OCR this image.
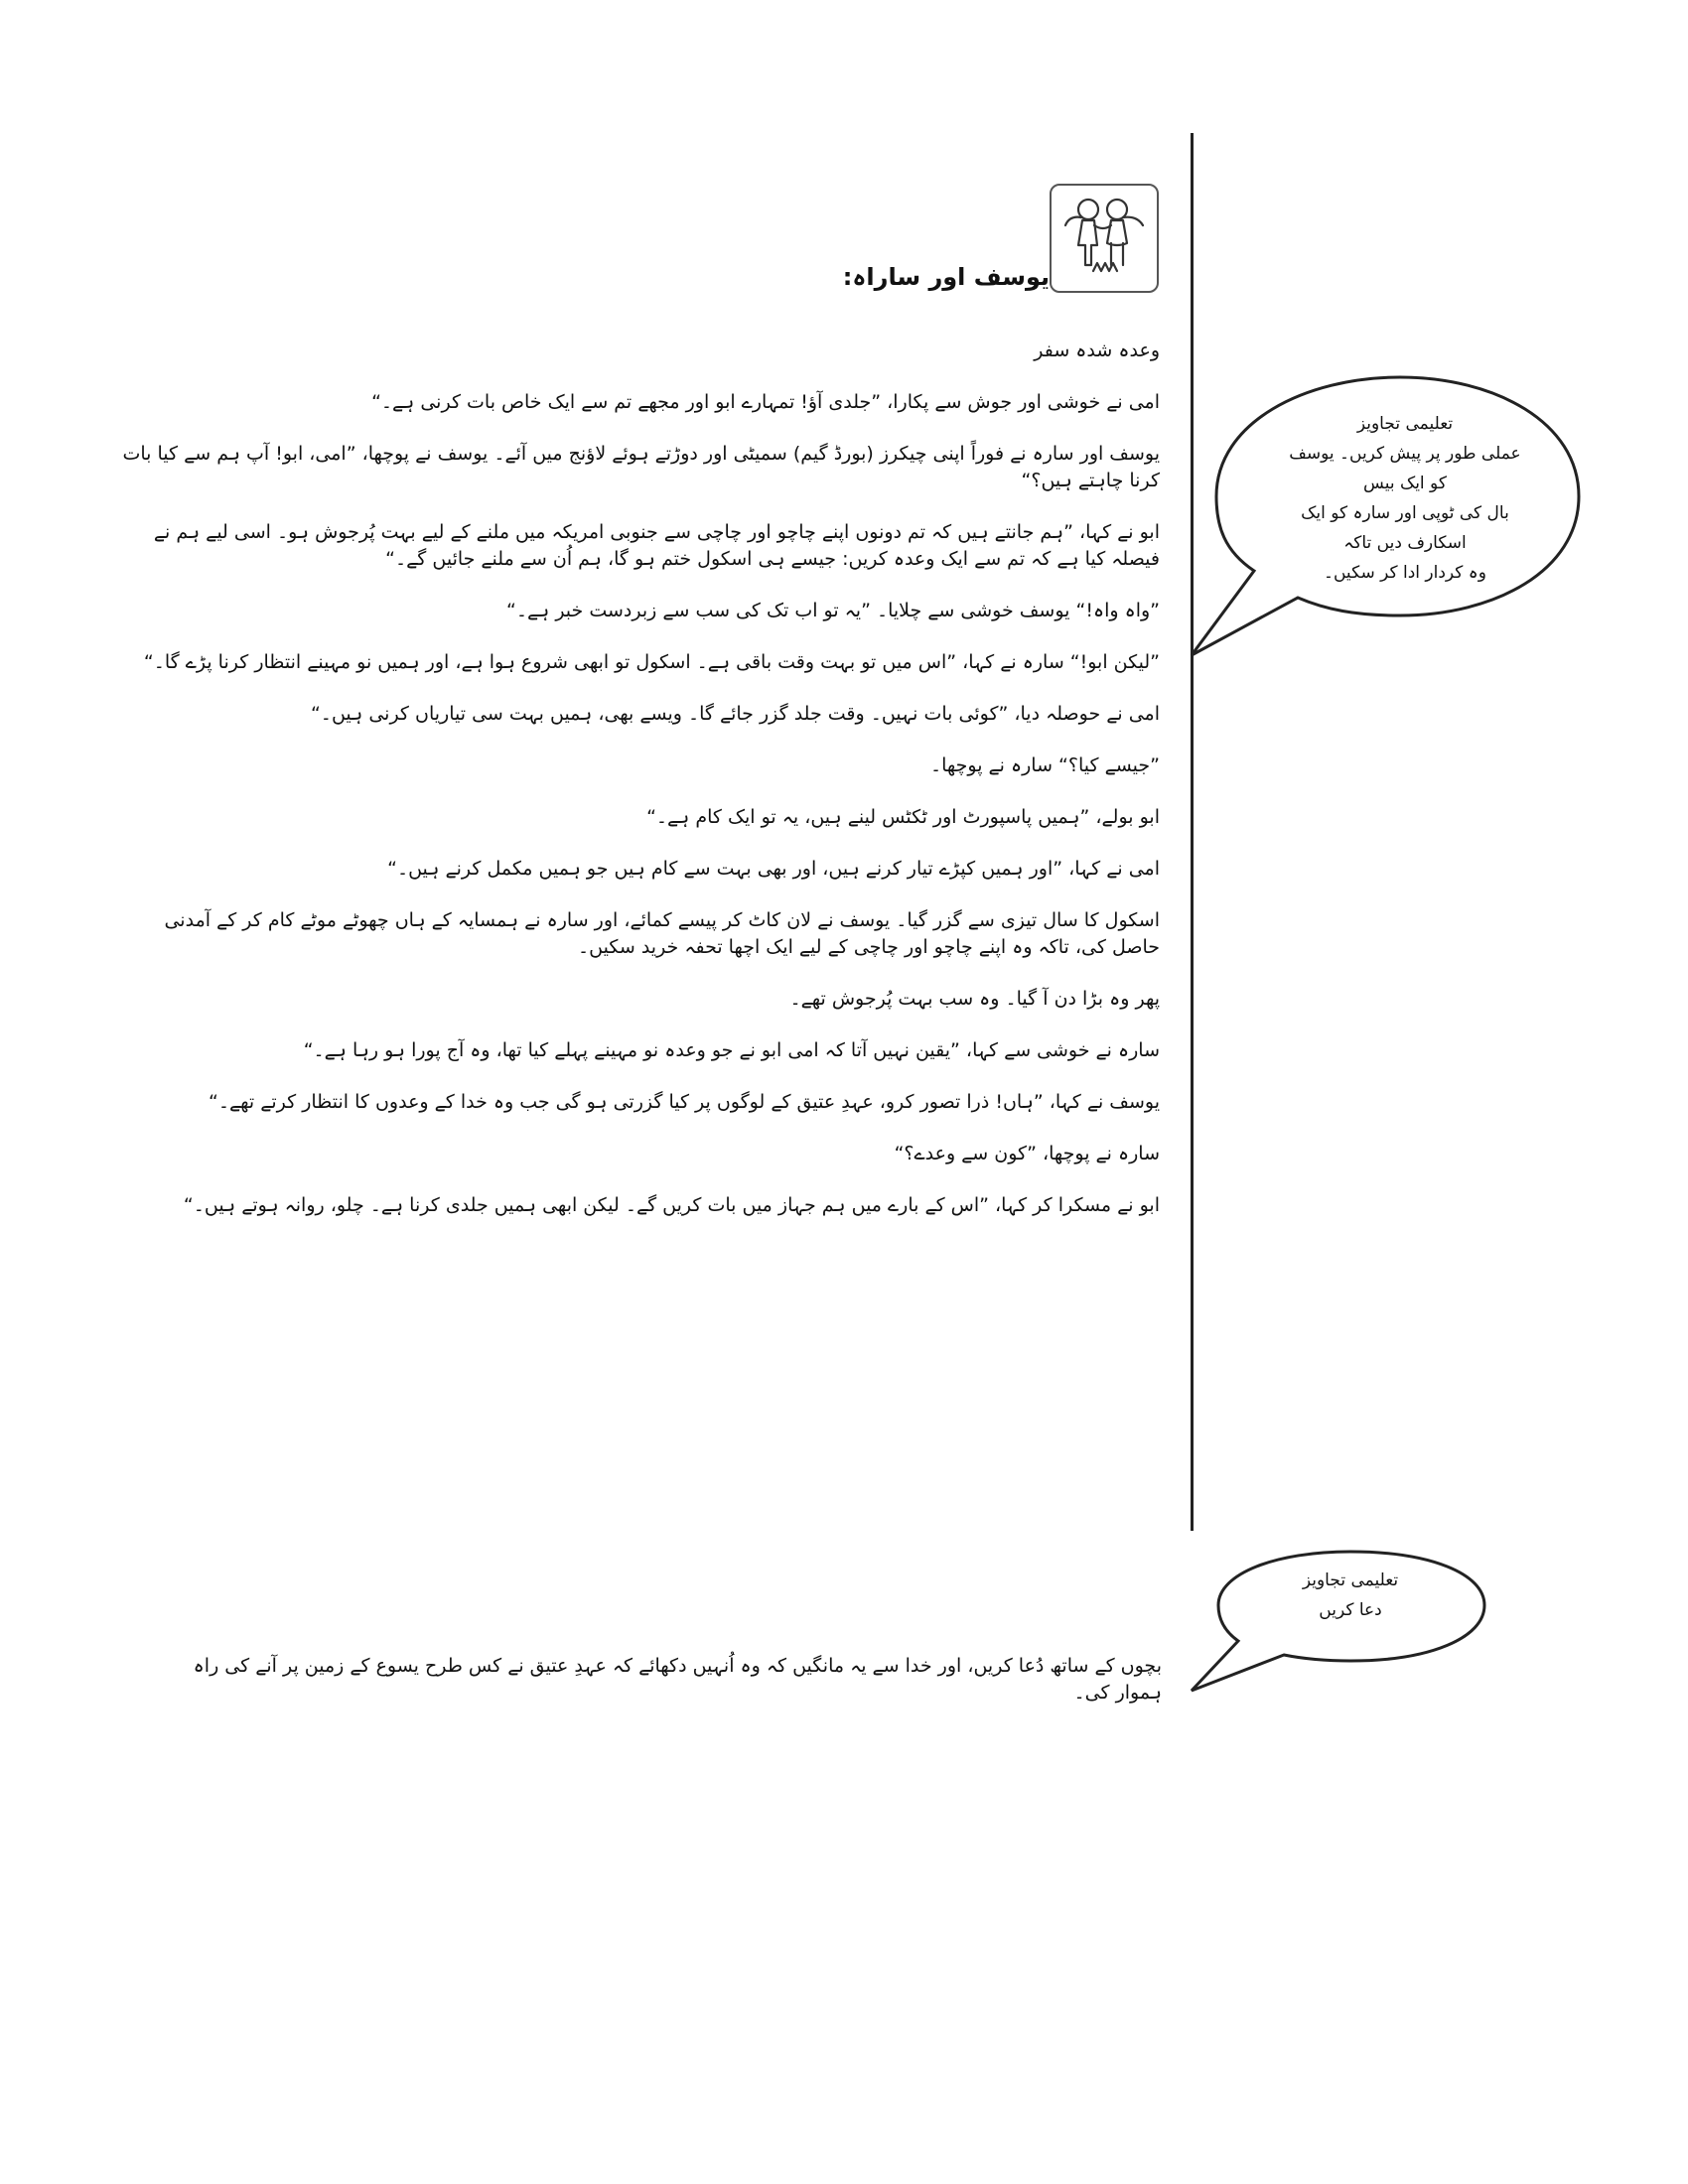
یوسف اور ساراہ:

وعدہ شدہ سفر

امی نے خوشی اور جوش سے پکارا، ”جلدی آؤ! تمہارے ابو اور مجھے تم سے ایک خاص بات کرنی ہے۔“

یوسف اور سارہ نے فوراً اپنی چیکرز (بورڈ گیم) سمیٹی اور دوڑتے ہوئے لاؤنج میں آئے۔ یوسف نے پوچھا، ”امی، ابو! آپ ہم سے کیا بات کرنا چاہتے ہیں؟“

ابو نے کہا، ”ہم جانتے ہیں کہ تم دونوں اپنے چاچو اور چاچی سے جنوبی امریکہ میں ملنے کے لیے بہت پُرجوش ہو۔ اسی لیے ہم نے فیصلہ کیا ہے کہ تم سے ایک وعدہ کریں: جیسے ہی اسکول ختم ہو گا، ہم اُن سے ملنے جائیں گے۔“

”واہ واہ!“ یوسف خوشی سے چلایا۔ ”یہ تو اب تک کی سب سے زبردست خبر ہے۔“

”لیکن ابو!“ سارہ نے کہا، ”اس میں تو بہت وقت باقی ہے۔ اسکول تو ابھی شروع ہوا ہے، اور ہمیں نو مہینے انتظار کرنا پڑے گا۔“

امی نے حوصلہ دیا، ”کوئی بات نہیں۔ وقت جلد گزر جائے گا۔ ویسے بھی، ہمیں بہت سی تیاریاں کرنی ہیں۔“

”جیسے کیا؟“ سارہ نے پوچھا۔

ابو بولے، ”ہمیں پاسپورٹ اور ٹکٹس لینے ہیں، یہ تو ایک کام ہے۔“

امی نے کہا، ”اور ہمیں کپڑے تیار کرنے ہیں، اور بھی بہت سے کام ہیں جو ہمیں مکمل کرنے ہیں۔“

اسکول کا سال تیزی سے گزر گیا۔ یوسف نے لان کاٹ کر پیسے کمائے، اور سارہ نے ہمسایہ کے ہاں چھوٹے موٹے کام کر کے آمدنی حاصل کی، تاکہ وہ اپنے چاچو اور چاچی کے لیے ایک اچھا تحفہ خرید سکیں۔

پھر وہ بڑا دن آ گیا۔ وہ سب بہت پُرجوش تھے۔

سارہ نے خوشی سے کہا، ”یقین نہیں آتا کہ امی ابو نے جو وعدہ نو مہینے پہلے کیا تھا، وہ آج پورا ہو رہا ہے۔“

یوسف نے کہا، ”ہاں! ذرا تصور کرو، عہدِ عتیق کے لوگوں پر کیا گزرتی ہو گی جب وہ خدا کے وعدوں کا انتظار کرتے تھے۔“

سارہ نے پوچھا، ”کون سے وعدے؟“

ابو نے مسکرا کر کہا، ”اس کے بارے میں ہم جہاز میں بات کریں گے۔ لیکن ابھی ہمیں جلدی کرنا ہے۔ چلو، روانہ ہوتے ہیں۔“

بچوں کے ساتھ دُعا کریں، اور خدا سے یہ مانگیں کہ وہ اُنہیں دکھائے کہ عہدِ عتیق نے کس طرح یسوع کے زمین پر آنے کی راہ ہموار کی۔
تعلیمی تجاویز
عملی طور پر پیش کریں۔ یوسف کو ایک بیس
بال کی ٹوپی اور سارہ کو ایک اسکارف دیں تاکہ
وہ کردار ادا کر سکیں۔
تعلیمی تجاویز
دعا کریں
